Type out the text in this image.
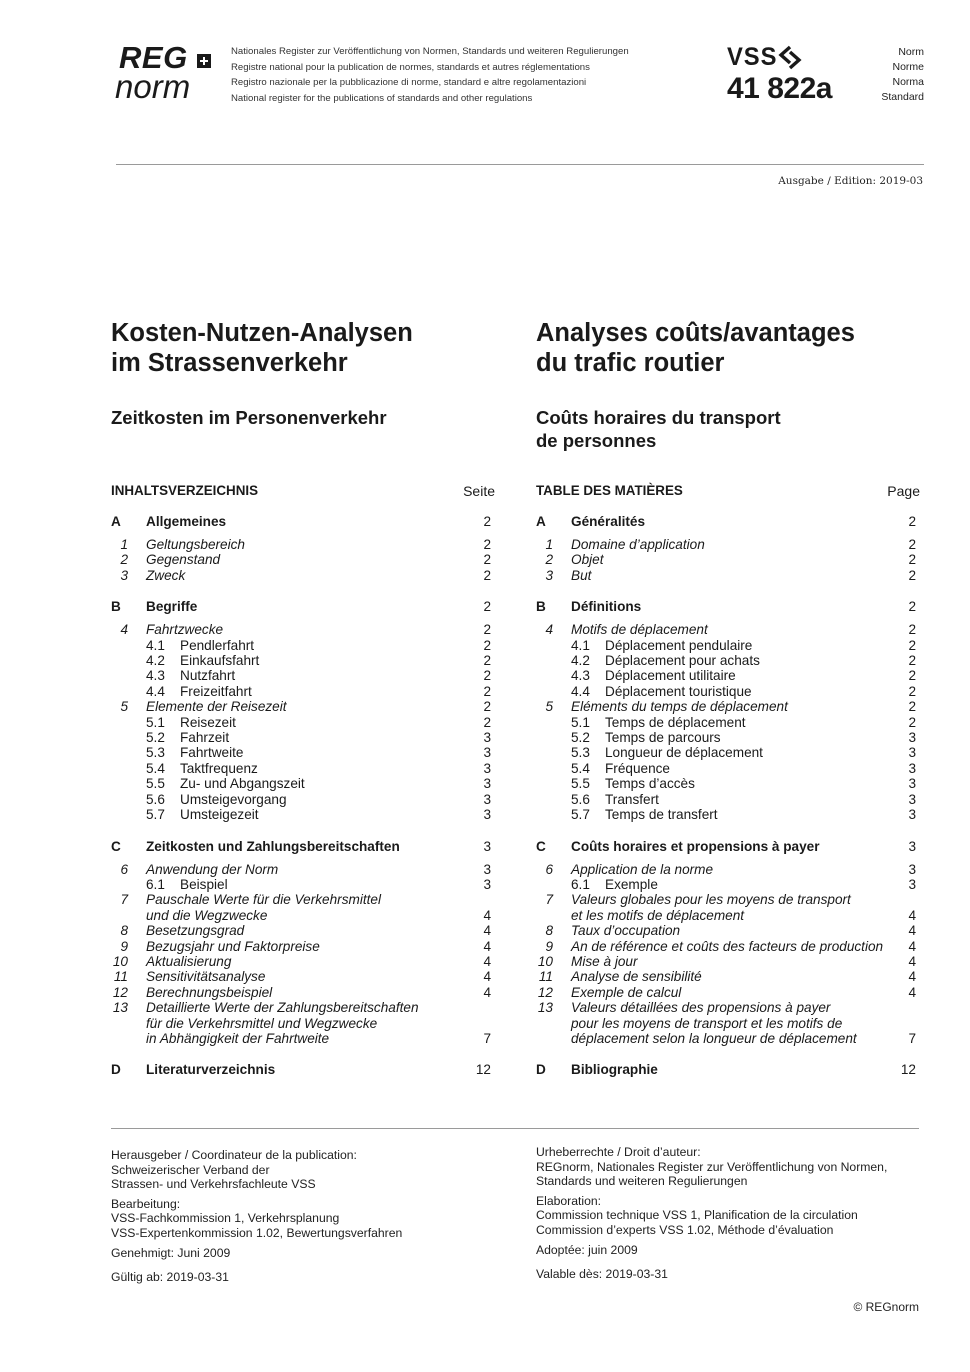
REG
norm
Nationales Register zur Veröffentlichung von Normen, Standards und weiteren Regulierungen
Registre national pour la publication de normes, standards et autres réglementations
Registro nazionale per la pubblicazione di norme, standard e altre regolamentazioni
National register for the publications of standards and other regulations
VSS
41 822a
Norm
Norme
Norma
Standard
Ausgabe / Edition: 2019-03
Kosten-Nutzen-Analysen
im Strassenverkehr
Analyses coûts/avantages
du trafic routier
Zeitkosten im Personenverkehr	Coûts horaires du transport
de personnes
INHALTSVERZEICHNIS	Seite
A Allgemeines	2
1	Geltungsbereich	2
2	Gegenstand	2
3	Zweck	2
B Begriffe	2
4	Fahrtzwecke	2
4.1	Pendlerfahrt	2
4.2	Einkaufsfahrt	2
4.3	Nutzfahrt	2
4.4	Freizeitfahrt	2
5	Elemente der Reisezeit	2
5.1	Reisezeit	2
5.2	Fahrzeit	3
5.3	Fahrtweite	3
5.4	Taktfrequenz	3
5.5	Zu- und Abgangszeit	3
5.6	Umsteigevorgang	3
5.7	Umsteigezeit	3
C Zeitkosten und Zahlungsbereitschaften	3
6	Anwendung der Norm	3
6.1	Beispiel	3
7	Pauschale Werte für die Verkehrsmittel
und die Wegzwecke	4
8	Besetzungsgrad	4
9	Bezugsjahr und Faktorpreise	4
10	Aktualisierung	4
11	Sensitivitätsanalyse	4
12	Berechnungsbeispiel	4
13	Detaillierte Werte der Zahlungsbereitschaften
für die Verkehrsmittel und Wegzwecke
in Abhängigkeit der Fahrtweite	7
D Literaturverzeichnis	12
TABLE DES MATIÈRES	Page
A Généralités	2
1	Domaine d’application	2
2	Objet	2
3	But	2
B Définitions	2
4	Motifs de déplacement	2
4.1	Déplacement pendulaire	2
4.2	Déplacement pour achats	2
4.3	Déplacement utilitaire	2
4.4	Déplacement touristique	2
5	Eléments du temps de déplacement	2
5.1	Temps de déplacement	2
5.2	Temps de parcours	3
5.3	Longueur de déplacement	3
5.4	Fréquence	3
5.5	Temps d’accès	3
5.6	Transfert	3
5.7	Temps de transfert	3
C Coûts horaires et propensions à payer	3
6	Application de la norme	3
6.1	Exemple	3
7	Valeurs globales pour les moyens de transport
et les motifs de déplacement	4
8	Taux d’occupation	4
9	An de référence et coûts des facteurs de production	4
10	Mise à jour	4
11	Analyse de sensibilité	4
12	Exemple de calcul	4
13	Valeurs détaillées des propensions à payer
pour les moyens de transport et les motifs de
déplacement selon la longueur de déplacement	7
D Bibliographie	12

Herausgeber / Coordinateur de la publication:
Schweizerischer Verband der
Strassen- und Verkehrsfachleute VSS

Bearbeitung:
VSS-Fachkommission 1, Verkehrsplanung
VSS-Expertenkommission 1.02, Bewertungsverfahren

Genehmigt: Juni 2009

Gültig ab: 2019-03-31

Urheberrechte / Droit d’auteur:
REGnorm, Nationales Register zur Veröffentlichung von Normen,
Standards und weiteren Regulierungen

Elaboration:
Commission technique VSS 1, Planification de la circulation
Commission d’experts VSS 1.02, Méthode d’évaluation

Adoptée: juin 2009

Valable dès: 2019-03-31

© REGnorm
